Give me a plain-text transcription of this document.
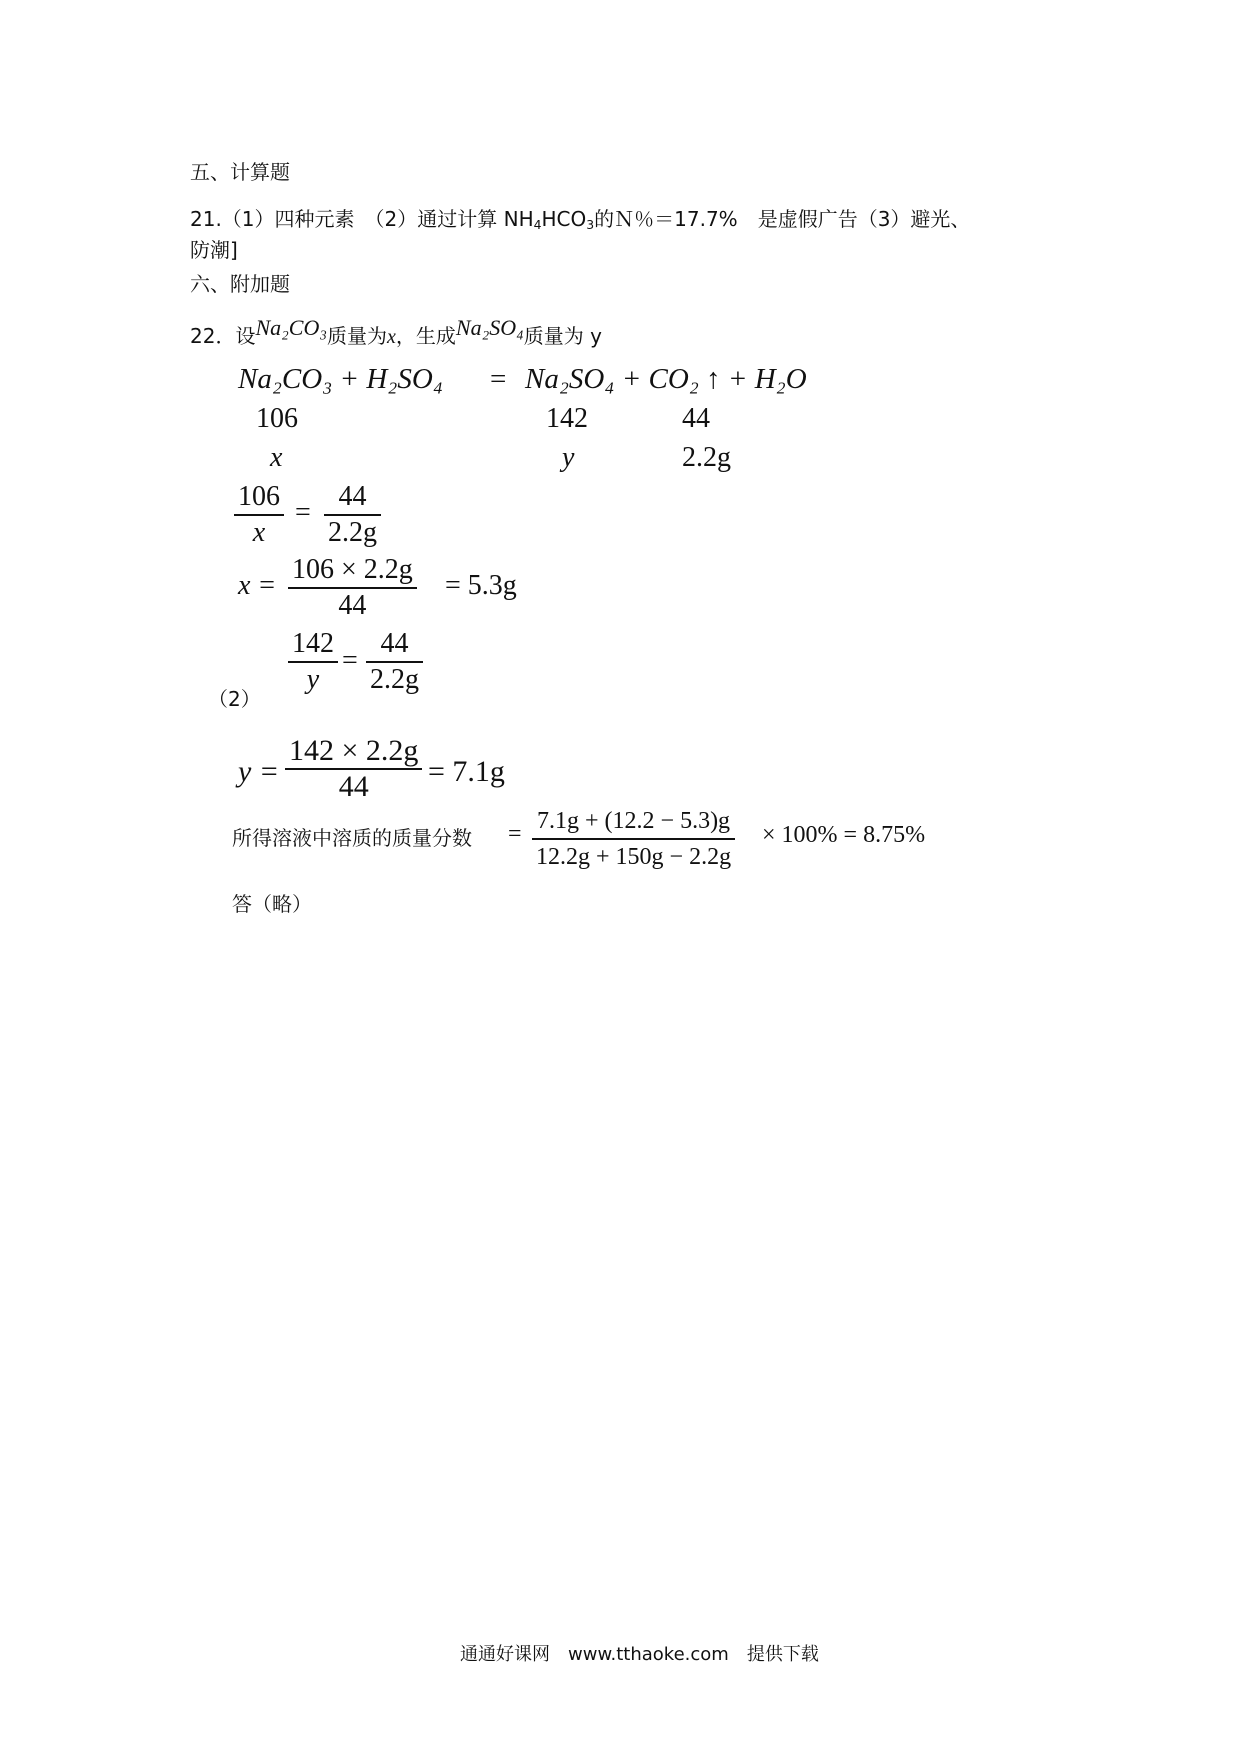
五、计算题
21.（1）四种元素　（2）通过计算 $NH_4HCO_3$的Ｎ％＝17.7%　是虚假广告（3）避光、
防潮]
六、附加题
22．设Na₂CO₃质量为x，生成Na₂SO₄质量为 y
Na₂CO₃ + H₂SO₄ = Na₂SO₄ + CO₂ ↑ + H₂O
106	142	44
x	y	2.2g
106
x
=
44
2.2g
x =
106 × 2.2g
44
= 5.3g
（2）
142
y
=
44
2.2g
y =
142 × 2.2g
44 = 7.1g
所得溶液中溶质的质量分数 = 7.1g + (12.2 − 5.3)g
12.2g + 150g − 2.2g
× 100% = 8.75%
答（略）
通通好课网　www.tthaoke.com　提供下载
